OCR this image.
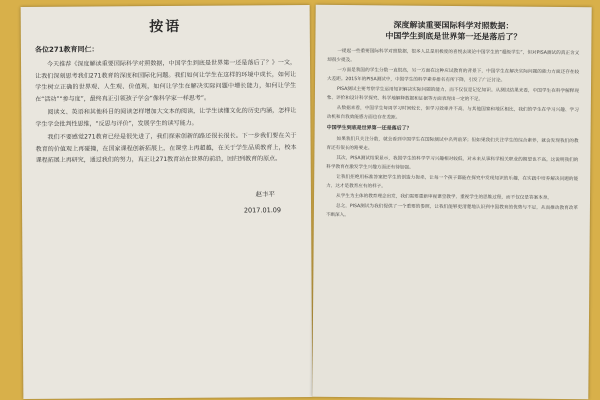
按语
各位271教育同仁：

今天推荐《深度解读重要国际科学对照数据，中国学生到底是世界第一还是落后了？》一文，让我们深刻思考我们271教育的深度和国际化问题。我们如何让学生在这样的环境中成长，如何让学生树立正确的世界观、人生观、价值观，如何让学生在解决实际问题中增长能力，如何让学生在“活动”“参与度”，最终真正引领孩子学会“像科学家一样思考”。

阅读文、英语和其他科目的阅读怎样增加大文本的阅读，让学生读懂文化的历史内涵，怎样让学生学会批判性思维，“反思与评价”，发展学生的读写能力。

我们不要感觉271教育已经是很先进了，我们探索创新的路还很长很长。下一步我们要在关于教育的价值观上再碰撞，在国家课程创新拓展上，在课堂上再超越，在关于学生品质教育上，校本课程拓展上再研究，通过我们的努力，真正让271教育站在世界的前沿，回归到教育的原点。

赵丰平
2017.01.09
深度解读重要国际科学对照数据：
中国学生到底是世界第一还是落后了？

一提起一些重要国际科学对照数据，很多人总是用极度的喜悦去谈论中国学生的“超级学生”，但对PISA测试的真正含义却很少提及。

一方面是我国的学生分数一直很高，另一方面在这种应试教育的背景下，中国学生在解决实际问题的能力方面还存在较大差距。2015年的PISA测试中，中国学生的科学素养排名有所下降，引发了广泛讨论。

PISA测试主要考察学生运用知识解决实际问题的能力，而不仅仅是记忆知识。从测试结果来看，中国学生在科学解释现象、评价和设计科学探究、科学地解释数据和证据等方面表现出一定的不足。

从数据来看，中国学生每周学习时间较长，但学习效率并不高。与其他国家和地区相比，我们的学生在学习兴趣、学习动机和自我效能感方面也存在差距。

中国学生到底是世界第一还是落后了？

如果我们只关注分数，就会看到中国学生在国际测试中名列前茅；但如果我们关注学生的综合素养，就会发现我们的教育还有很长的路要走。

其次，PISA测试结果显示，我国学生的科学学习兴趣相对较低，对未来从事科学相关职业的期望也不高。这说明我们的科学教育在激发学生兴趣方面还有待加强。

让我们拒绝用标准答案把学生的创造力扼杀，让每一个孩子都能在探究中发现知识的乐趣，在实践中培养解决问题的能力，这才是教育应有的样子。

从学生为主体的教育理念出发，我们需要重新审视课堂教学，重视学生的思维过程，而不仅仅是答案本身。

总之，PISA测试为我们提供了一个重要的参照，让我们能够更清楚地认识到中国教育的优势与不足，从而推动教育改革不断深入。
